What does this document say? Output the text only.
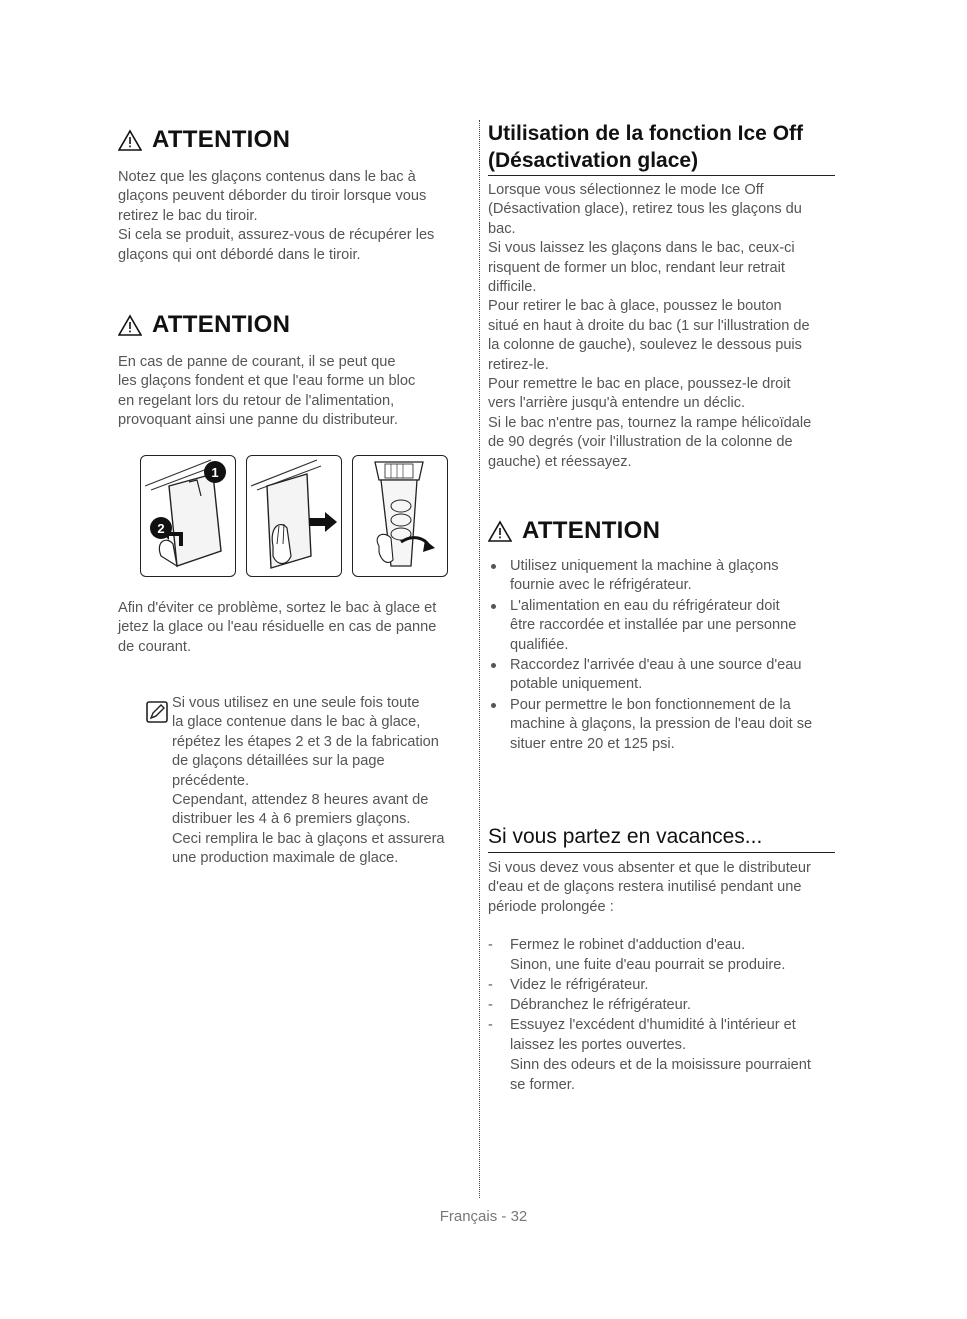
ATTENTION

Notez que les glaçons contenus dans le bac à

glaçons peuvent déborder du tiroir lorsque vous

retirez le bac du tiroir.

Si cela se produit, assurez-vous de récupérer les

glaçons qui ont débordé dans le tiroir.

ATTENTION

En cas de panne de courant, il se peut que

les glaçons fondent et que l'eau forme un bloc

en regelant lors du retour de l'alimentation,

provoquant ainsi une panne du distributeur.

1
2

Afin d'éviter ce problème, sortez le bac à glace et

jetez la glace ou l'eau résiduelle en cas de panne

de courant.

Si vous utilisez en une seule fois toute

la glace contenue dans le bac à glace,

répétez les étapes 2 et 3 de la fabrication

de glaçons détaillées sur la page

précédente.

Cependant, attendez 8 heures avant de

distribuer les 4 à 6 premiers glaçons.

Ceci remplira le bac à glaçons et assurera

une production maximale de glace.

Utilisation de la fonction Ice Off

(Désactivation glace)

Lorsque vous sélectionnez le mode Ice Off

(Désactivation glace), retirez tous les glaçons du

bac.

Si vous laissez les glaçons dans le bac, ceux-ci

risquent de former un bloc, rendant leur retrait

difficile.

Pour retirer le bac à glace, poussez le bouton

situé en haut à droite du bac (1 sur l'illustration de

la colonne de gauche), soulevez le dessous puis

retirez-le.

Pour remettre le bac en place, poussez-le droit

vers l'arrière jusqu'à entendre un déclic.

Si le bac n'entre pas, tournez la rampe hélicoïdale

de 90 degrés (voir l'illustration de la colonne de

gauche) et réessayez.

ATTENTION
Utilisez uniquement la machine à glaçons
fournie avec le réfrigérateur.
L'alimentation en eau du réfrigérateur doit
être raccordée et installée par une personne
qualifiée.
Raccordez l'arrivée d'eau à une source d'eau
potable uniquement.
Pour permettre le bon fonctionnement de la
machine à glaçons, la pression de l'eau doit se
situer entre 20 et 125 psi.

Si vous partez en vacances...

Si vous devez vous absenter et que le distributeur

d'eau et de glaçons restera inutilisé pendant une

période prolongée :

- Fermez le robinet d'adduction d'eau.
Sinon, une fuite d'eau pourrait se produire.
- Videz le réfrigérateur.
- Débranchez le réfrigérateur.
- Essuyez l'excédent d'humidité à l'intérieur et
laissez les portes ouvertes.
Sinn des odeurs et de la moisissure pourraient
se former.
Français - 32
